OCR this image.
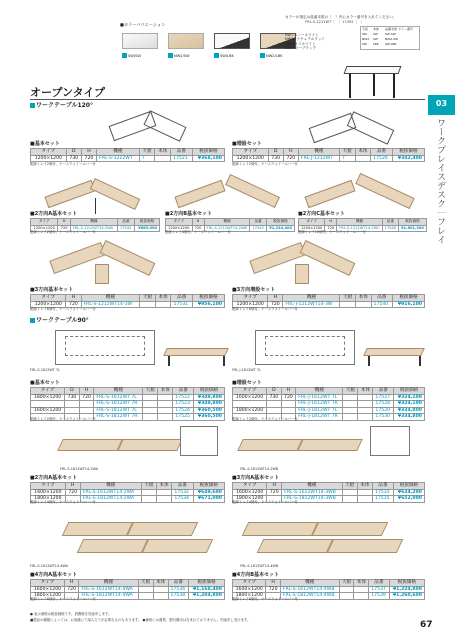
■カラーバリエーション
SW/SW	NW2/SW	SW/LBK	NW2/LBK
カラーの指定は品番末尾の［　］内にカラー番号を入れてください。
FRL-S-1212WT［　］17492［　］
SW=スノーホワイト
NW2=ナチュラルウッド
GW=オフホワイト
LBK=リーブラック
天板 本体 品番末尾 カラー番号
SW SW SW-SW
NW2 SW NW2-SW
SW LBK SW-LBK
03
ワークプレイスデスク｜フレイ
オープンタイプ
ワークテーブル120°
■基本セット
タイプ	D	H	機種	天板	本体	品番	税抜価格
1200×1200	730	720	FRL-S-1212WT	7		17521	¥368,100
配線トレイ2個付、ケースウォイールバー付
■増設セット
タイプ	D	H	機種	天板	本体	品番	税抜価格
1200×1200	730	720	FRL-J-1212WT	7		17526	¥342,400
配線トレイ2個付、ケースウォイールバー付
■2方向A基本セット
タイプ	H	機種	品番	税抜価格
1200×1200	720	FRL-S-1212WT14-2WA	17544	¥689,000
配線トレイ2個付、ケースウォイールバー付
■2方向B基本セット
タイプ	H	機種	品番	税抜価格
1200×1200	720	FRL-S-1212WT14-2WB	17545	¥1,234,400
配線トレイ4個付、ケースウォイールバー付
■2方向C基本セット
タイプ	H	機種	品番	税抜価格
1200×1200	720	FRL-S-1212WT14-2WC	17546	¥1,601,300
配線トレイ10個付、ケースウォイールバー付
■3方向基本セット
タイプ	H	機種	天板	本体	品番	税抜価格
1200×1200	720	FRL-S-1212WT14-3W			17531	¥956,100
配線トレイ6個付、ケースウォイールバー付
■3方向増設セット
タイプ	H	機種	天板	本体	品番	税抜価格
1200×1200	720	FRL-J-1212WT14-3W			17540	¥916,100
配線トレイ6個付、ケースウォイールバー付
ワークテーブル90°
FRL-S-1812WT 7L	FRL-J-1812WT 7L
■基本セット
タイプ	D	H	機種	天板	本体	品番	税抜価格
1800×1200	730	720	FRL-S-1612WT 7L			17522	¥349,800
			FRL-S-1612WT 7R			17523	¥349,800
1600×1200			FRL-S-1812WT 7L			17524	¥360,500
			FRL-S-1812WT 7R			17525	¥360,500
配線トレイ2個付、ケースウォイールバー付
■増設セット
タイプ	D	H	機種	天板	本体	品番	税抜価格
1600×1200	730	720	FRL-J-1612WT 7L			17527	¥324,100
			FRL-J-1612WT 7R			17528	¥324,100
1800×1200			FRL-J-1812WT 7L			17529	¥334,800
			FRL-J-1812WT 7R			17530	¥334,800
配線トレイ2個付、ケースウォイールバー付
FRL-S-1612WT14-2WA	FRL-S-1612WT14-2WB
■2方向A基本セット
タイプ	H	機種	天板	本体	品番	税抜価格
1600×1200	720	FRL-S-1612WT14-2WA			17532	¥649,600
1800×1200		FRL-S-1812WT14-2WA			17534	¥671,000
配線トレイ4個付、ケースウォイールバー付
■3方向A基本セット
タイプ	H	機種	天板	本体	品番	税抜価格
1600×1200	720	FRL-S-1612WT14-3WB			17533	¥634,200
1800×1200		FRL-S-1812WT14-3WB			17535	¥652,000
配線トレイ4個付、ケースウォイールバー付
FRL-S-1612WT14-4WA	FRL-S-1612WT14-4WB
■4方向A基本セット
タイプ	H	機種	天板	本体	品番	税抜価格
1600×1200	720	FRL-S-1612WT14-4WA			17536	¥1,168,400
1800×1200		FRL-S-1812WT14-4WA			17538	¥1,204,800
配線トレイ8個付、ケースウォイールバー付
■4方向B基本セット
タイプ	H	機種	天板	本体	品番	税抜価格
1600×1200	720	FRL-S-1612WT14-4WB			17537	¥1,224,800
1800×1200		FRL-S-1812WT14-4WB			17539	¥1,260,600
配線トレイ8個付、ケースウォイールバー付
● 表示価格は税抜価格です。消費税を別途申します。
■製品の種類によっては、お客様にて組み立てが必要なものもあります。 ●価格には運賃、据付費用は含まれておりません。別途申し受けます。	67
